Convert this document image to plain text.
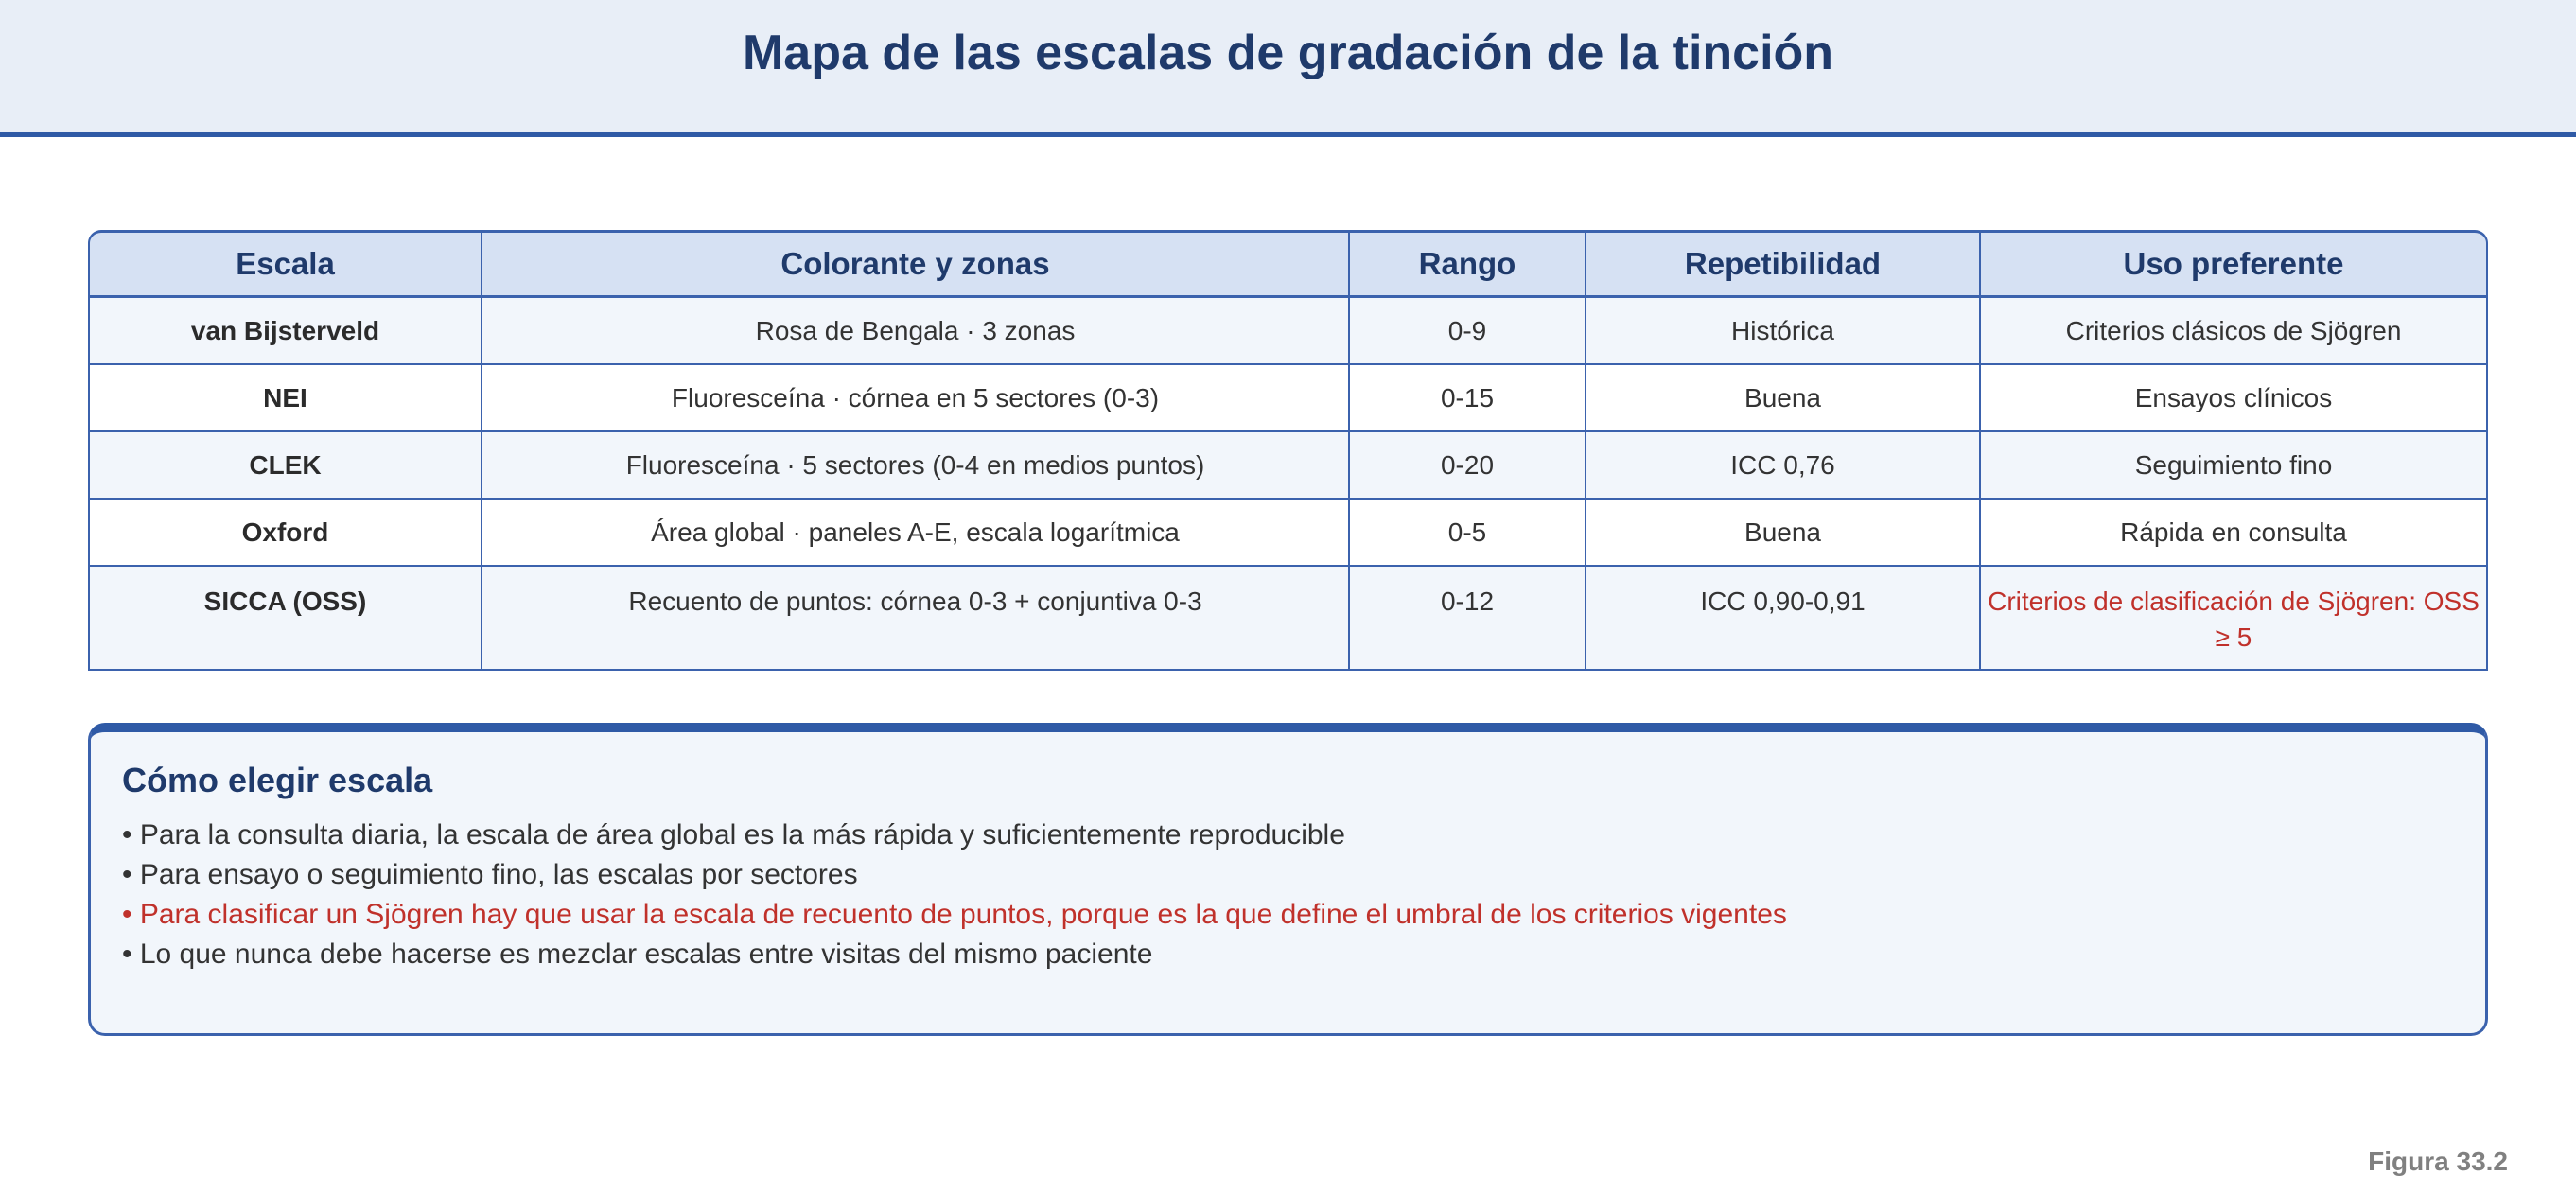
Mapa de las escalas de gradación de la tinción
Escala	Colorante y zonas	Rango	Repetibilidad	Uso preferente
van Bijsterveld	Rosa de Bengala · 3 zonas	0-9	Histórica	Criterios clásicos de Sjögren
NEI	Fluoresceína · córnea en 5 sectores (0-3)	0-15	Buena	Ensayos clínicos
CLEK	Fluoresceína · 5 sectores (0-4 en medios puntos)	0-20	ICC 0,76	Seguimiento fino
Oxford	Área global · paneles A-E, escala logarítmica	0-5	Buena	Rápida en consulta
SICCA (OSS)	Recuento de puntos: córnea 0-3 + conjuntiva 0-3	0-12	ICC 0,90-0,91	Criterios de clasificación de Sjögren: OSS ≥ 5
Cómo elegir escala
• Para la consulta diaria, la escala de área global es la más rápida y suficientemente reproducible
• Para ensayo o seguimiento fino, las escalas por sectores
• Para clasificar un Sjögren hay que usar la escala de recuento de puntos, porque es la que define el umbral de los criterios vigentes
• Lo que nunca debe hacerse es mezclar escalas entre visitas del mismo paciente
Figura 33.2
